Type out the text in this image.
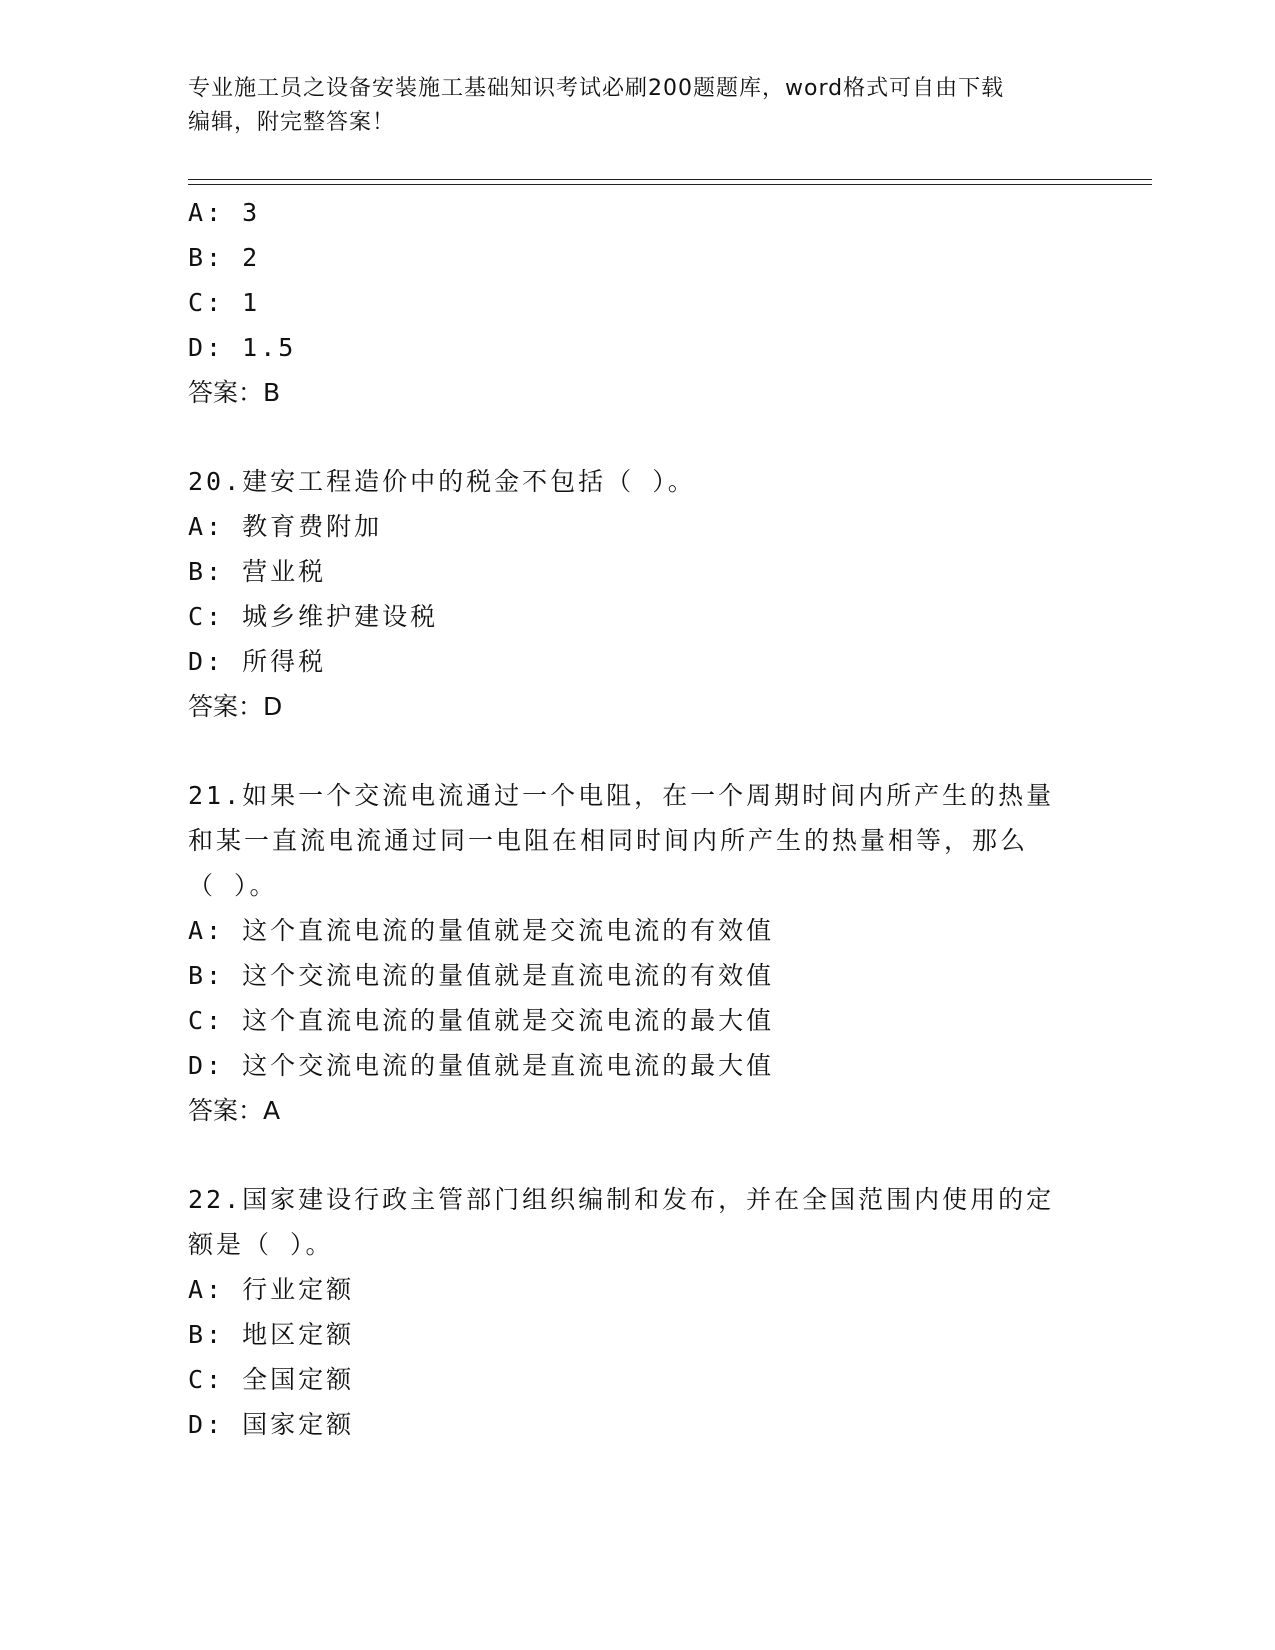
专业施工员之设备安装施工基础知识考试必刷200题题库，word格式可自由下载
编辑，附完整答案！
A: 3
B: 2
C: 1
D: 1.5
答案：B
20.建安工程造价中的税金不包括（ ）。
A: 教育费附加
B: 营业税
C: 城乡维护建设税
D: 所得税
答案：D
21.如果一个交流电流通过一个电阻，在一个周期时间内所产生的热量
和某一直流电流通过同一电阻在相同时间内所产生的热量相等，那么
（ ）。
A: 这个直流电流的量值就是交流电流的有效值
B: 这个交流电流的量值就是直流电流的有效值
C: 这个直流电流的量值就是交流电流的最大值
D: 这个交流电流的量值就是直流电流的最大值
答案：A
22.国家建设行政主管部门组织编制和发布，并在全国范围内使用的定
额是（ ）。
A: 行业定额
B: 地区定额
C: 全国定额
D: 国家定额
